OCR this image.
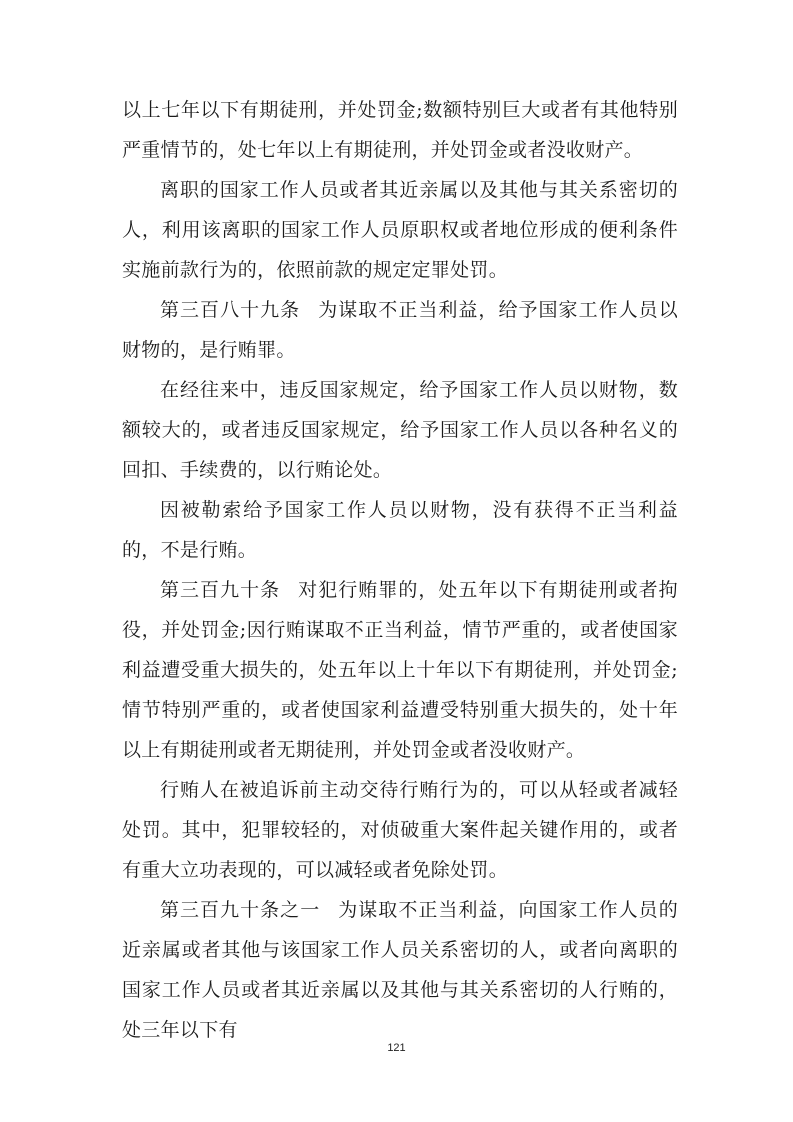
以上七年以下有期徒刑，并处罚金;数额特别巨大或者有其他特别严重情节的，处七年以上有期徒刑，并处罚金或者没收财产。

离职的国家工作人员或者其近亲属以及其他与其关系密切的人，利用该离职的国家工作人员原职权或者地位形成的便利条件实施前款行为的，依照前款的规定定罪处罚。

第三百八十九条 为谋取不正当利益，给予国家工作人员以财物的，是行贿罪。

在经往来中，违反国家规定，给予国家工作人员以财物，数额较大的，或者违反国家规定，给予国家工作人员以各种名义的回扣、手续费的，以行贿论处。

因被勒索给予国家工作人员以财物，没有获得不正当利益的，不是行贿。

第三百九十条 对犯行贿罪的，处五年以下有期徒刑或者拘役，并处罚金;因行贿谋取不正当利益，情节严重的，或者使国家利益遭受重大损失的，处五年以上十年以下有期徒刑，并处罚金;情节特别严重的，或者使国家利益遭受特别重大损失的，处十年以上有期徒刑或者无期徒刑，并处罚金或者没收财产。

行贿人在被追诉前主动交待行贿行为的，可以从轻或者减轻处罚。其中，犯罪较轻的，对侦破重大案件起关键作用的，或者有重大立功表现的，可以减轻或者免除处罚。

第三百九十条之一 为谋取不正当利益，向国家工作人员的近亲属或者其他与该国家工作人员关系密切的人，或者向离职的国家工作人员或者其近亲属以及其他与其关系密切的人行贿的，处三年以下有

121
